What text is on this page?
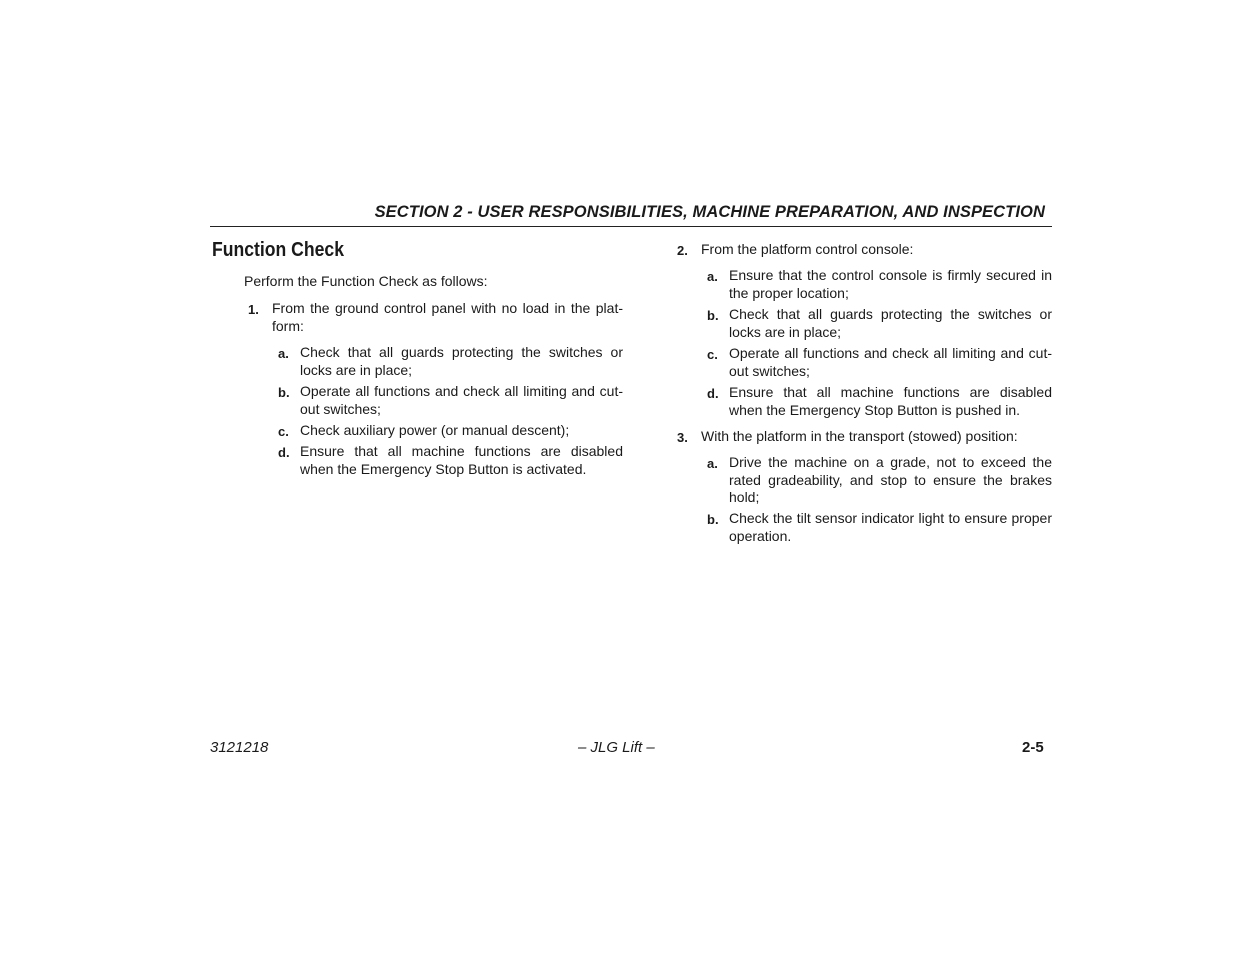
SECTION 2 - USER RESPONSIBILITIES, MACHINE PREPARATION, AND INSPECTION
Function Check
Perform the Function Check as follows:
1. From the ground control panel with no load in the plat-form:
a. Check that all guards protecting the switches or locks are in place;
b. Operate all functions and check all limiting and cut-out switches;
c. Check auxiliary power (or manual descent);
d. Ensure that all machine functions are disabled when the Emergency Stop Button is activated.
2. From the platform control console:
a. Ensure that the control console is firmly secured in the proper location;
b. Check that all guards protecting the switches or locks are in place;
c. Operate all functions and check all limiting and cut-out switches;
d. Ensure that all machine functions are disabled when the Emergency Stop Button is pushed in.
3. With the platform in the transport (stowed) position:
a. Drive the machine on a grade, not to exceed the rated gradeability, and stop to ensure the brakes hold;
b. Check the tilt sensor indicator light to ensure proper operation.
3121218	– JLG Lift –	2-5
